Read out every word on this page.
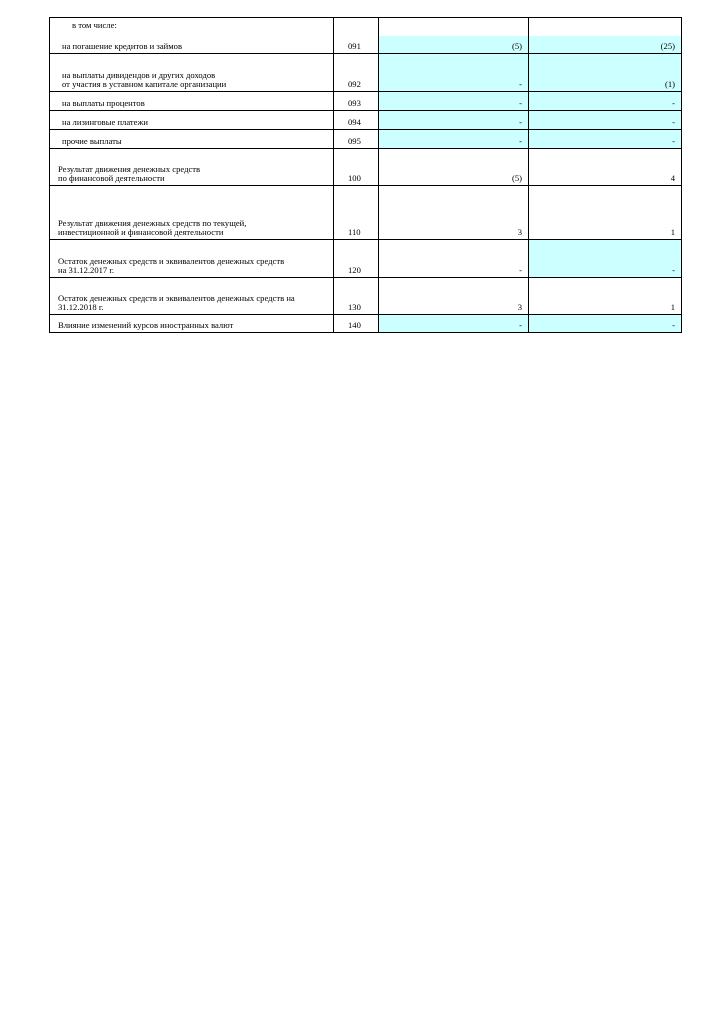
в том числе:			
на погашение кредитов и займов	091	(5)	(25)

на выплаты дивидендов и других доходов
от участия в уставном капитале организации	092	-	(1)
на выплаты процентов	093	-	-
на лизинговые платежи	094	-	-
прочие выплаты	095	-	-

Результат движения денежных средств
по финансовой деятельности	100	(5)	4

Результат движения денежных средств по текущей,
инвестиционной и финансовой деятельности	110	3	1

Остаток денежных средств и эквивалентов денежных средств
на 31.12.2017 г.	120	-	-

Остаток денежных средств и эквивалентов денежных средств на
31.12.2018 г.	130	3	1
Влияние изменений курсов иностранных валют	140	-	-
